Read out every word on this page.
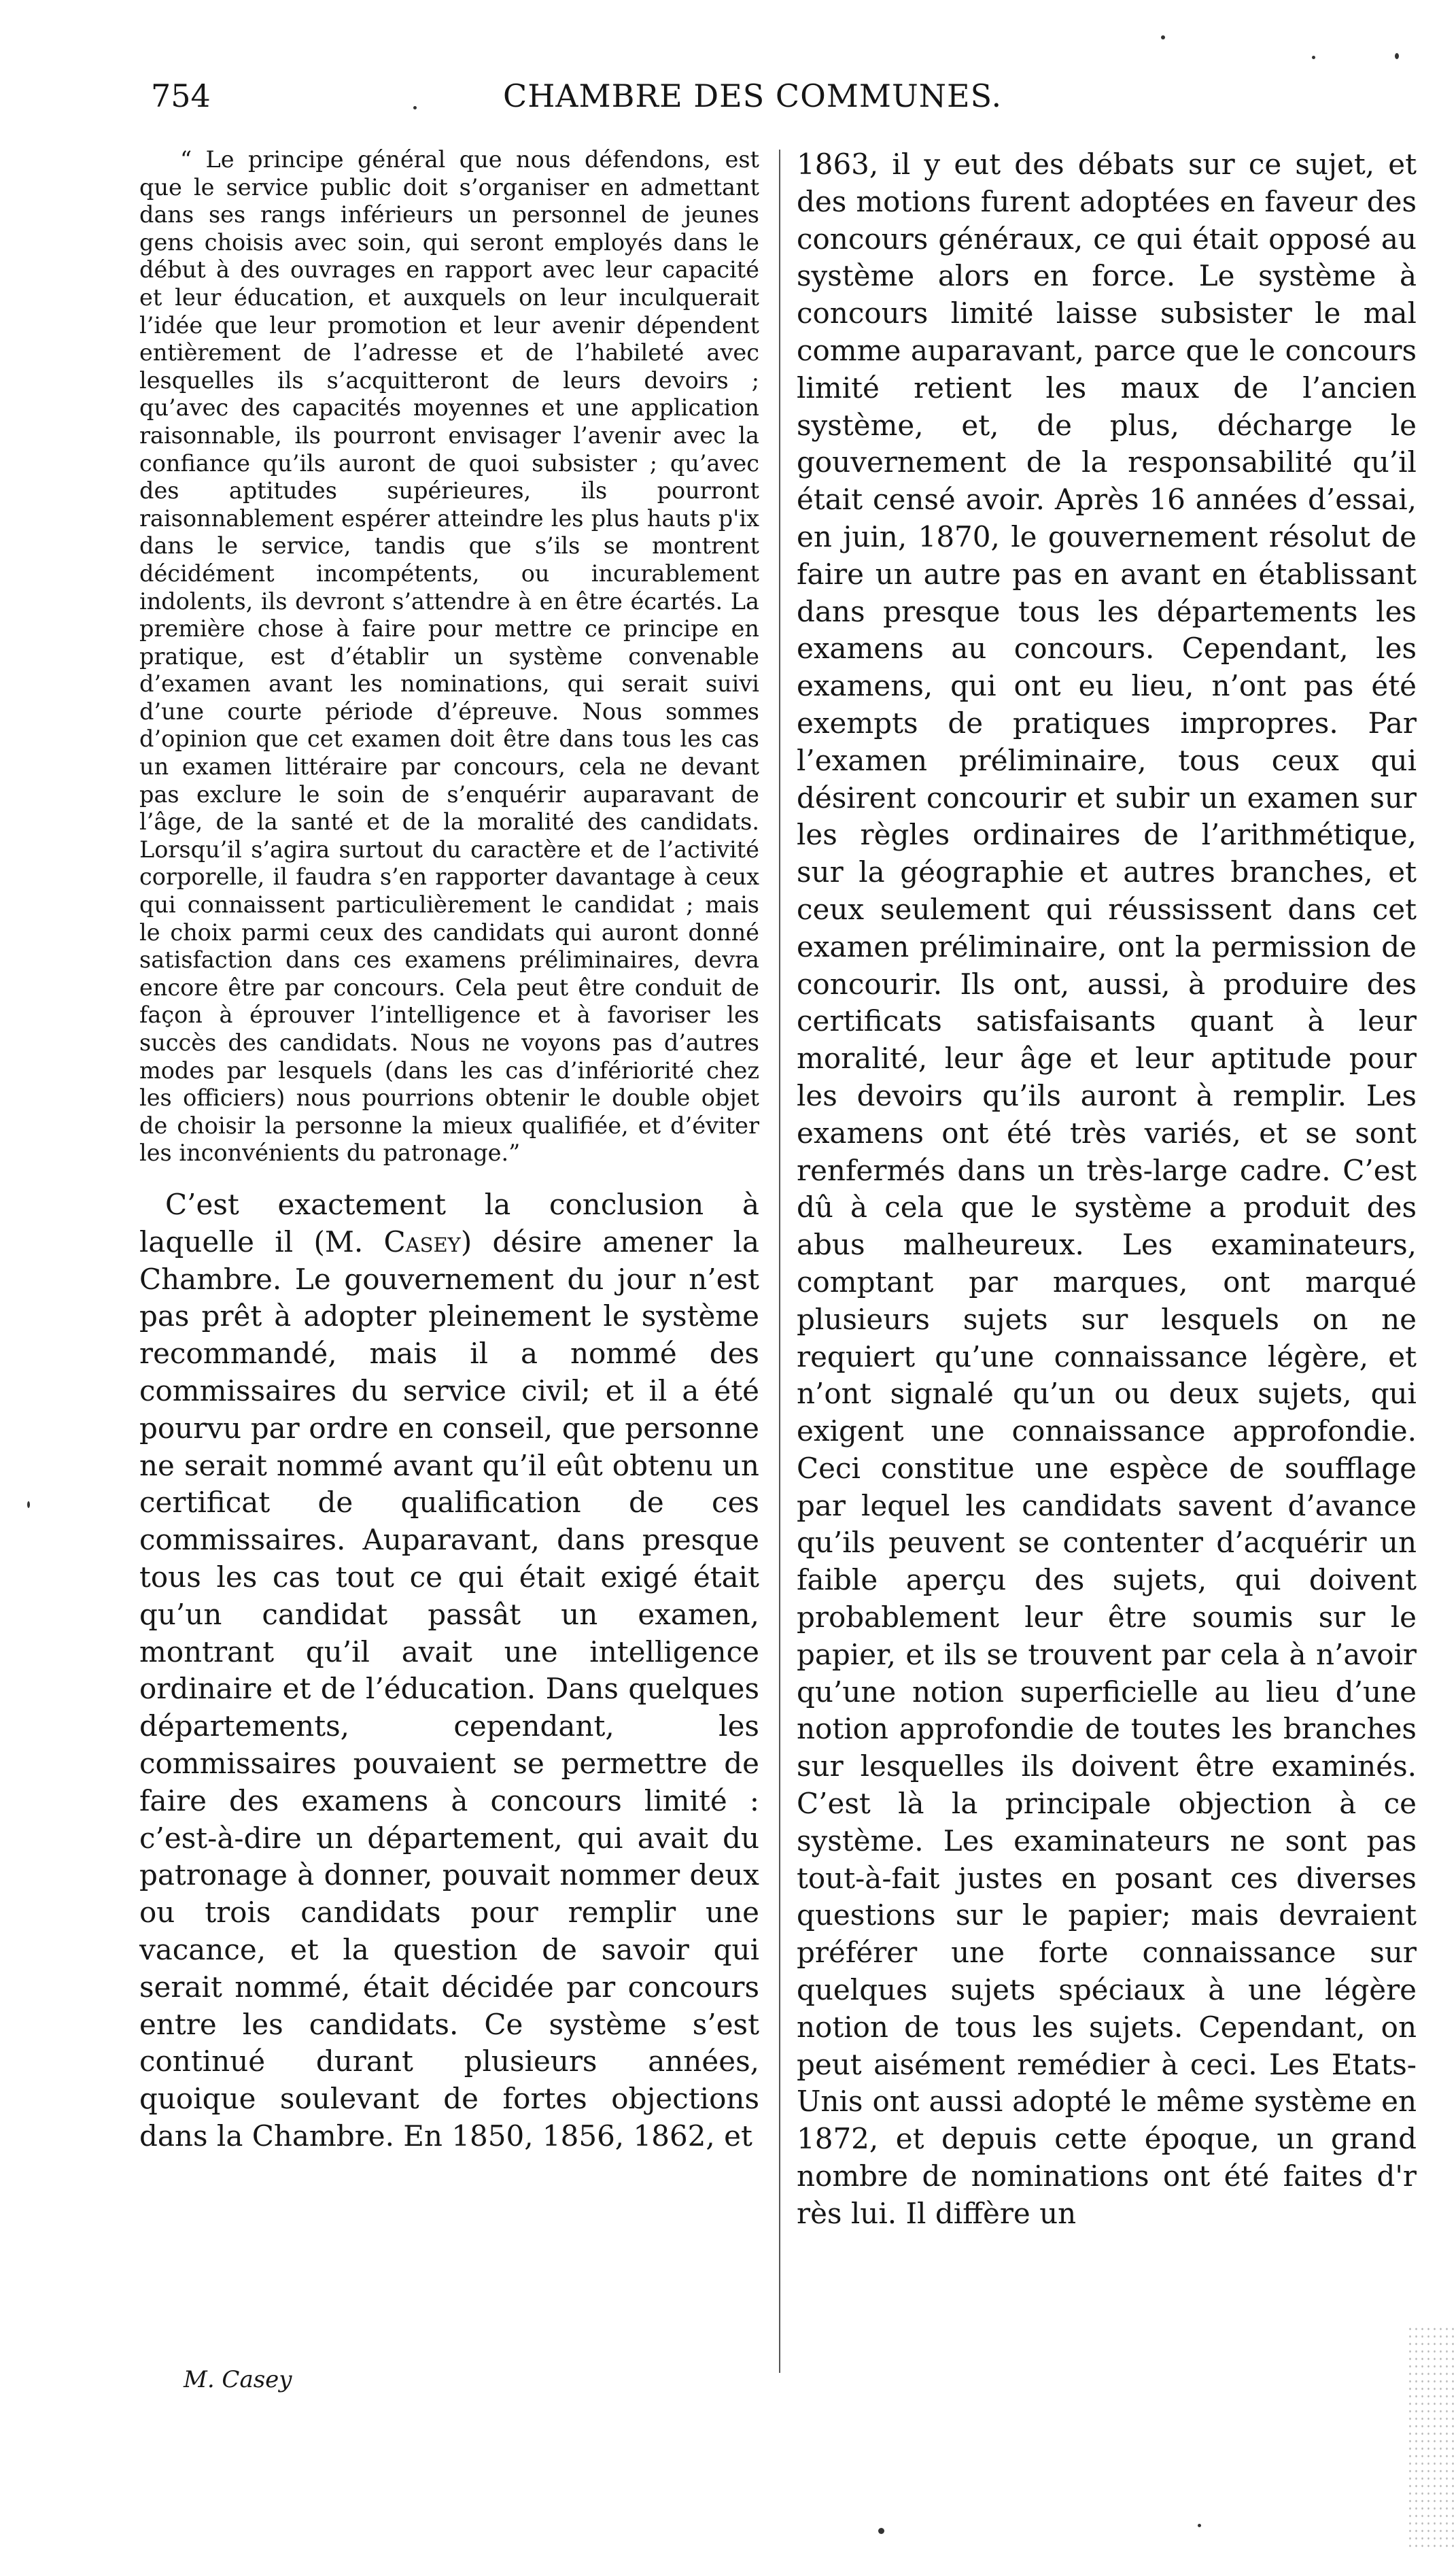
754	CHAMBRE DES COMMUNES.

“ Le principe général que nous défendons, est que le service public doit s’organiser en admettant dans ses rangs inférieurs un personnel de jeunes gens choisis avec soin, qui seront employés dans le début à des ouvrages en rapport avec leur capacité et leur éducation, et auxquels on leur inculquerait l’idée que leur promotion et leur avenir dépendent entièrement de l’adresse et de l’habileté avec lesquelles ils s’acquitteront de leurs devoirs ; qu’avec des capacités moyennes et une application raisonnable, ils pourront envisager l’avenir avec la confiance qu’ils auront de quoi subsister ; qu’avec des aptitudes supérieures, ils pourront raisonnablement espérer atteindre les plus hauts p'ix dans le service, tandis que s’ils se montrent décidément incompétents, ou incurablement indolents, ils devront s’attendre à en être écartés. La première chose à faire pour mettre ce principe en pratique, est d’établir un système convenable d’examen avant les nominations, qui serait suivi d’une courte période d’épreuve. Nous sommes d’opinion que cet examen doit être dans tous les cas un examen littéraire par concours, cela ne devant pas exclure le soin de s’enquérir auparavant de l’âge, de la santé et de la moralité des candidats. Lorsqu’il s’agira surtout du caractère et de l’activité corporelle, il faudra s’en rapporter davantage à ceux qui connaissent particulièrement le candidat ; mais le choix parmi ceux des candidats qui auront donné satisfaction dans ces examens préliminaires, devra encore être par concours. Cela peut être conduit de façon à éprouver l’intelligence et à favoriser les succès des candidats. Nous ne voyons pas d’autres modes par lesquels (dans les cas d’infériorité chez les officiers) nous pourrions obtenir le double objet de choisir la personne la mieux qualifiée, et d’éviter les inconvénients du patronage.”

C’est exactement la conclusion à laquelle il (M. Casey) désire amener la Chambre. Le gouvernement du jour n’est pas prêt à adopter pleinement le système recommandé, mais il a nommé des commissaires du service civil; et il a été pourvu par ordre en conseil, que personne ne serait nommé avant qu’il eût obtenu un certificat de qualification de ces commissaires. Auparavant, dans presque tous les cas tout ce qui était exigé était qu’un candidat passât un examen, montrant qu’il avait une intelligence ordinaire et de l’éducation. Dans quelques départements, cependant, les commissaires pouvaient se permettre de faire des examens à concours limité : c’est-à-dire un département, qui avait du patronage à donner, pouvait nommer deux ou trois candidats pour remplir une vacance, et la question de savoir qui serait nommé, était décidée par concours entre les candidats. Ce système s’est continué durant plusieurs années, quoique soulevant de fortes objections dans la Chambre. En 1850, 1856, 1862, et

1863, il y eut des débats sur ce sujet, et des motions furent adoptées en faveur des concours généraux, ce qui était opposé au système alors en force. Le système à concours limité laisse subsister le mal comme auparavant, parce que le concours limité retient les maux de l’ancien système, et, de plus, décharge le gouvernement de la responsabilité qu’il était censé avoir. Après 16 années d’essai, en juin, 1870, le gouvernement résolut de faire un autre pas en avant en établissant dans presque tous les départements les examens au concours. Cependant, les examens, qui ont eu lieu, n’ont pas été exempts de pratiques impropres. Par l’examen préliminaire, tous ceux qui désirent concourir et subir un examen sur les règles ordinaires de l’arithmétique, sur la géographie et autres branches, et ceux seulement qui réussissent dans cet examen préliminaire, ont la permission de concourir. Ils ont, aussi, à produire des certificats satisfaisants quant à leur moralité, leur âge et leur aptitude pour les devoirs qu’ils auront à remplir. Les examens ont été très variés, et se sont renfermés dans un très-large cadre. C’est dû à cela que le système a produit des abus malheureux. Les examinateurs, comptant par marques, ont marqué plusieurs sujets sur lesquels on ne requiert qu’une connaissance légère, et n’ont signalé qu’un ou deux sujets, qui exigent une connaissance approfondie. Ceci constitue une espèce de soufflage par lequel les candidats savent d’avance qu’ils peuvent se contenter d’acquérir un faible aperçu des sujets, qui doivent probablement leur être soumis sur le papier, et ils se trouvent par cela à n’avoir qu’une notion superficielle au lieu d’une notion approfondie de toutes les branches sur lesquelles ils doivent être examinés. C’est là la principale objection à ce système. Les examinateurs ne sont pas tout-à-fait justes en posant ces diverses questions sur le papier; mais devraient préférer une forte connaissance sur quelques sujets spéciaux à une légère notion de tous les sujets. Cependant, on peut aisément remédier à ceci. Les Etats-Unis ont aussi adopté le même système en 1872, et depuis cette époque, un grand nombre de nominations ont été faites d'r rès lui. Il diffère un

M. Casey
